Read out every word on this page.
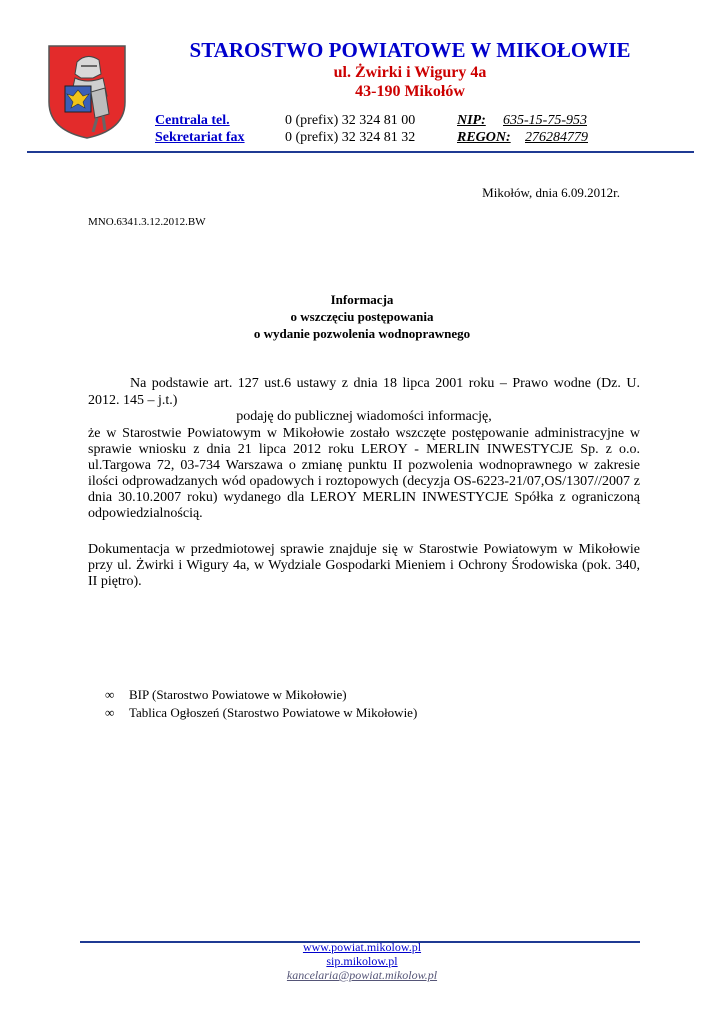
STAROSTWO POWIATOWE W MIKOŁOWIE
ul. Żwirki i Wigury 4a
43-190 Mikołów
Centrala tel.	0 (prefix) 32 324 81 00	NIP: 635-15-75-953
Sekretariat fax	0 (prefix) 32 324 81 32	REGON: 276284779
Mikołów, dnia 6.09.2012r.
MNO.6341.3.12.2012.BW
Informacja
o wszczęciu postępowania
o wydanie pozwolenia wodnoprawnego
Na podstawie art. 127 ust.6 ustawy z dnia 18 lipca 2001 roku – Prawo wodne (Dz. U. 2012. 145 – j.t.)
podaję do publicznej wiadomości informację,
że w Starostwie Powiatowym w Mikołowie zostało wszczęte postępowanie administracyjne w sprawie wniosku z dnia 21 lipca 2012 roku LEROY - MERLIN INWESTYCJE Sp. z o.o. ul.Targowa 72, 03-734 Warszawa o zmianę punktu II pozwolenia wodnoprawnego w zakresie ilości odprowadzanych wód opadowych i roztopowych (decyzja OS-6223-21/07,OS/1307//2007 z dnia 30.10.2007 roku) wydanego dla LEROY MERLIN INWESTYCJE Spółka z ograniczoną odpowiedzialnością.
Dokumentacja w przedmiotowej sprawie znajduje się w Starostwie Powiatowym w Mikołowie przy ul. Żwirki i Wigury 4a, w Wydziale Gospodarki Mieniem i Ochrony Środowiska (pok. 340, II piętro).
∞	BIP (Starostwo Powiatowe w Mikołowie)
∞	Tablica Ogłoszeń (Starostwo Powiatowe w Mikołowie)
www.powiat.mikolow.pl
sip.mikolow.pl
kancelaria@powiat.mikolow.pl
